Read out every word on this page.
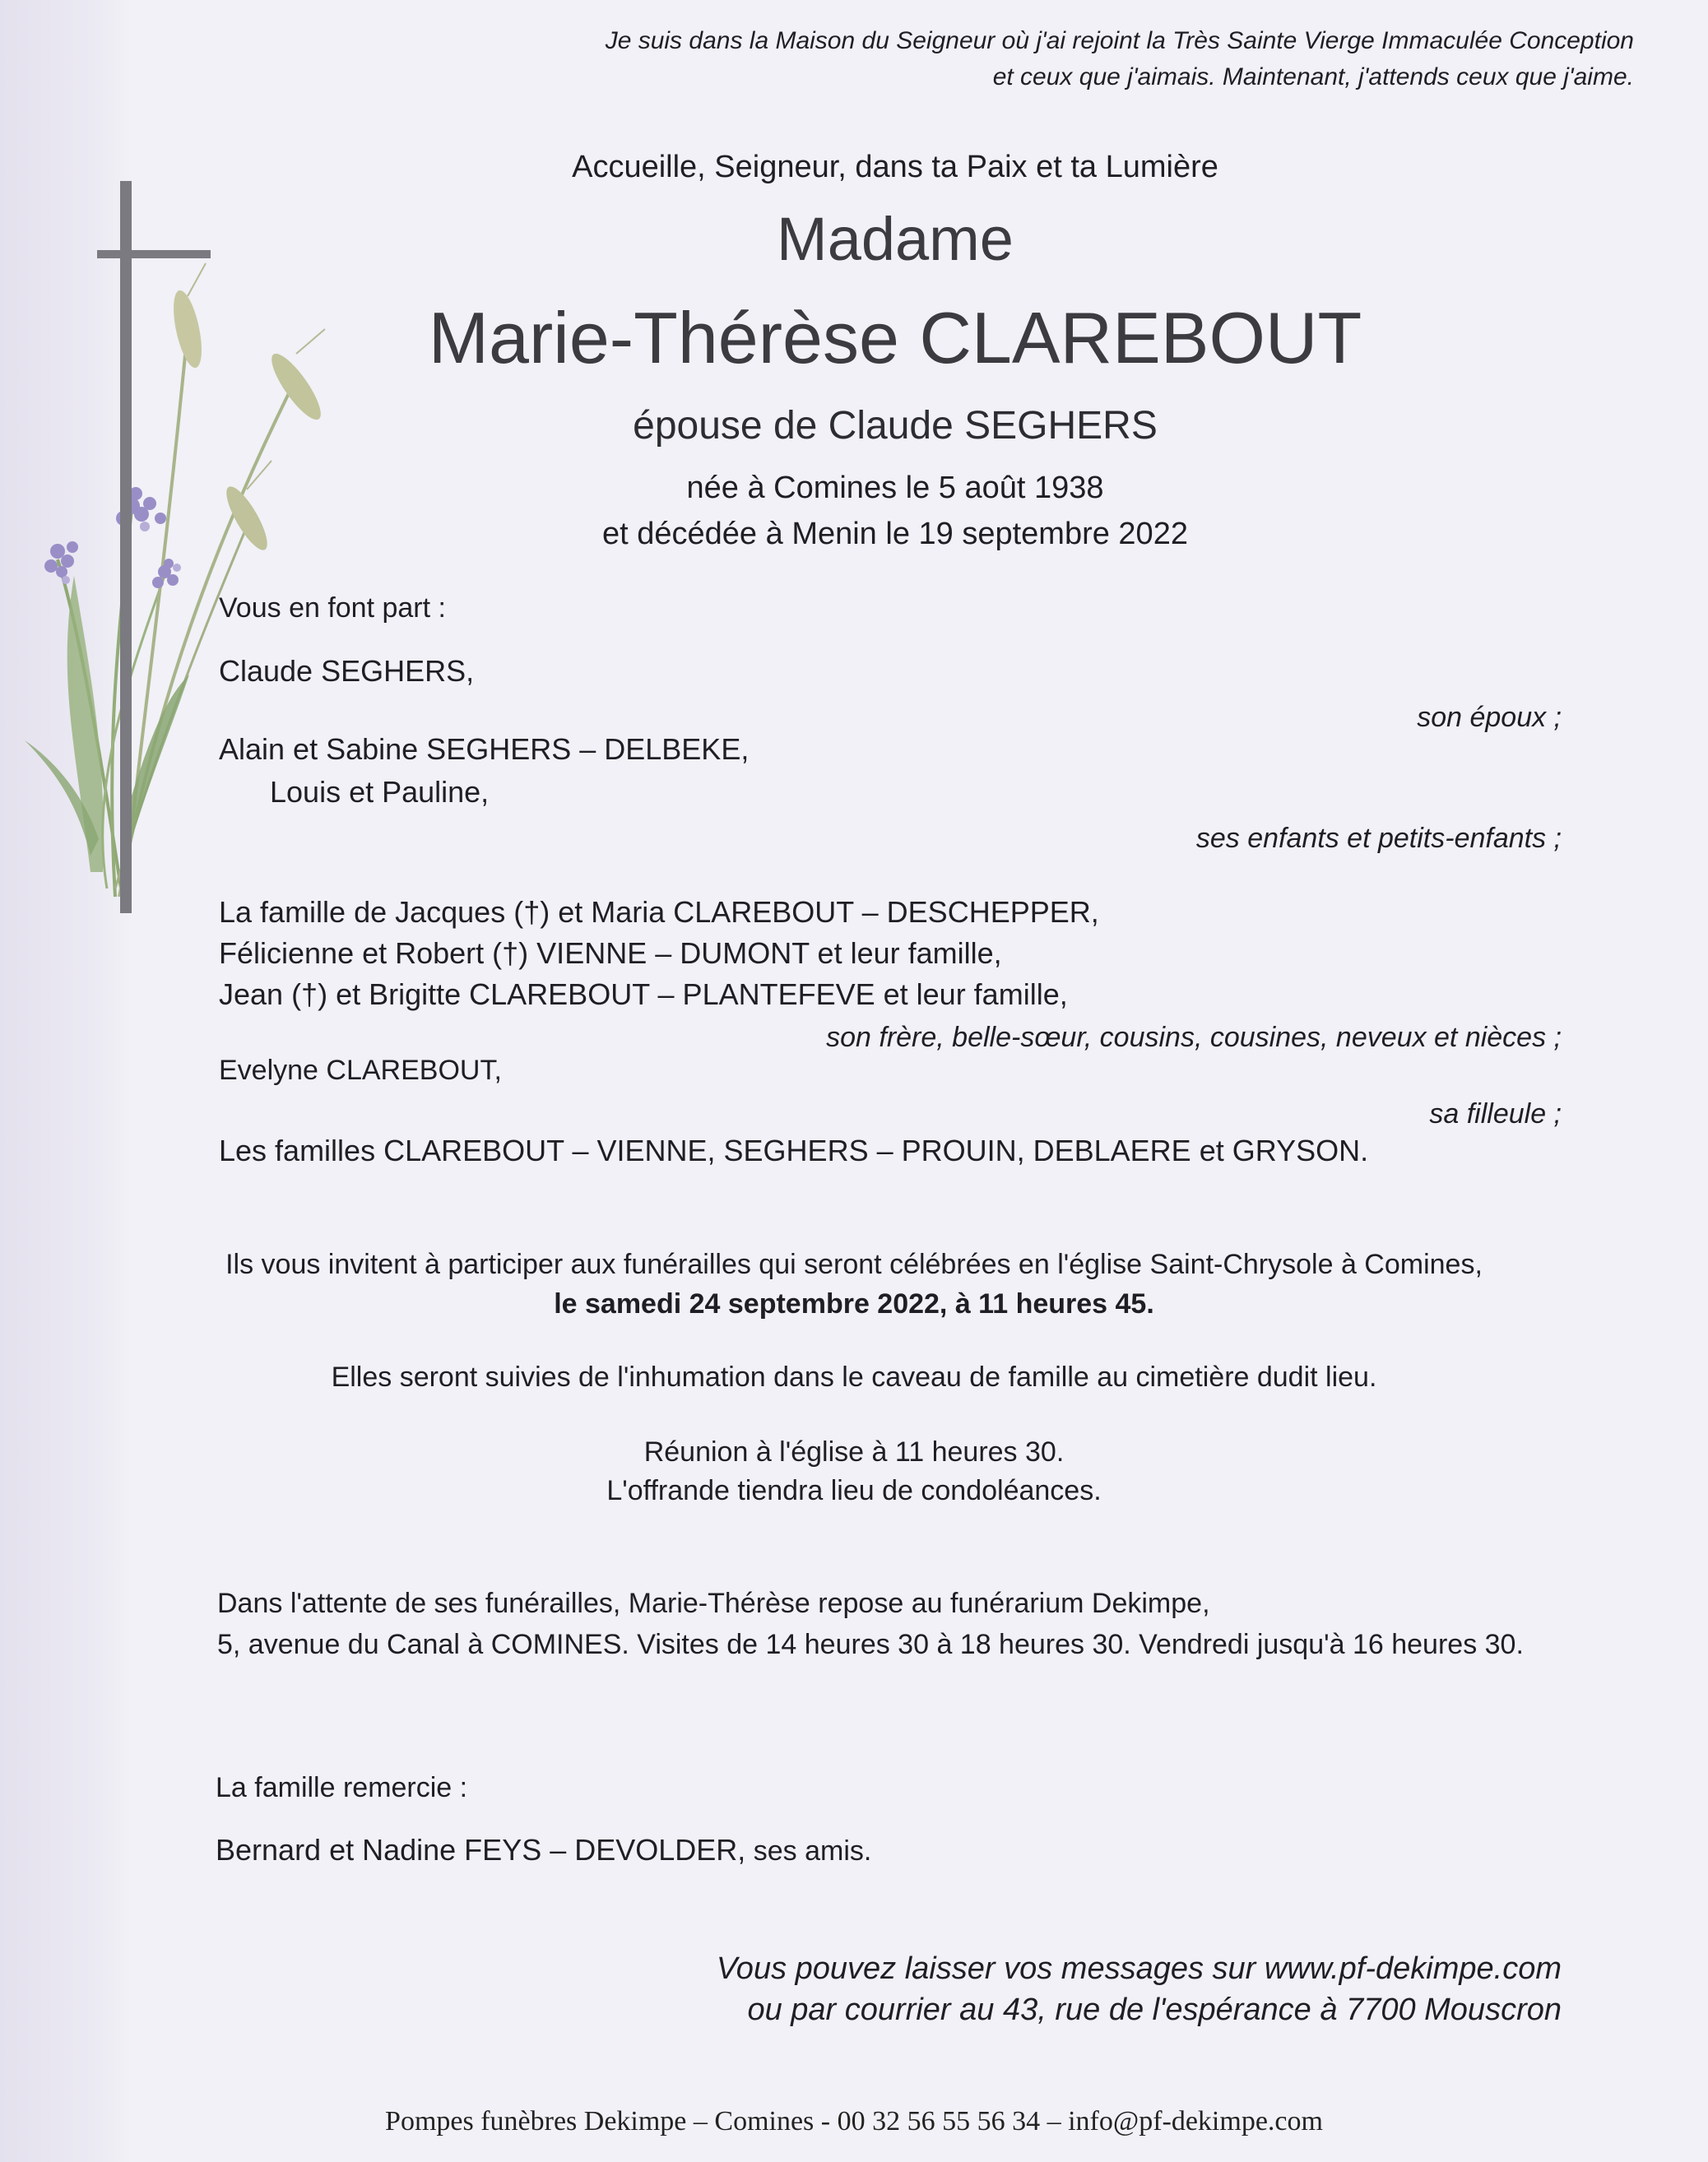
Je suis dans la Maison du Seigneur où j'ai rejoint la Très Sainte Vierge Immaculée Conception
et ceux que j'aimais. Maintenant, j'attends ceux que j'aime.
Accueille, Seigneur, dans ta Paix et ta Lumière
Madame
Marie-Thérèse CLAREBOUT
épouse de Claude SEGHERS
née à Comines le 5 août 1938
et décédée à Menin le 19 septembre 2022
Vous en font part :
Claude SEGHERS,
son époux ;
Alain et Sabine SEGHERS – DELBEKE,
Louis et Pauline,
ses enfants et petits-enfants ;
La famille de Jacques (†) et Maria CLAREBOUT – DESCHEPPER,
Félicienne et Robert (†) VIENNE – DUMONT et leur famille,
Jean (†) et Brigitte CLAREBOUT – PLANTEFEVE et leur famille,
son frère, belle-sœur, cousins, cousines, neveux et nièces ;
Evelyne CLAREBOUT,
sa filleule ;
Les familles CLAREBOUT – VIENNE, SEGHERS – PROUIN, DEBLAERE et GRYSON.
Ils vous invitent à participer aux funérailles qui seront célébrées en l'église Saint-Chrysole à Comines,
le samedi 24 septembre 2022, à 11 heures 45.
Elles seront suivies de l'inhumation dans le caveau de famille au cimetière dudit lieu.
Réunion à l'église à 11 heures 30.
L'offrande tiendra lieu de condoléances.
Dans l'attente de ses funérailles, Marie-Thérèse repose au funérarium Dekimpe,
5, avenue du Canal à COMINES. Visites de 14 heures 30 à 18 heures 30. Vendredi jusqu'à 16 heures 30.
La famille remercie :
Bernard et Nadine FEYS – DEVOLDER, ses amis.
Vous pouvez laisser vos messages sur www.pf-dekimpe.com
ou par courrier au 43, rue de l'espérance à 7700 Mouscron
Pompes funèbres Dekimpe – Comines - 00 32 56 55 56 34 – info@pf-dekimpe.com
